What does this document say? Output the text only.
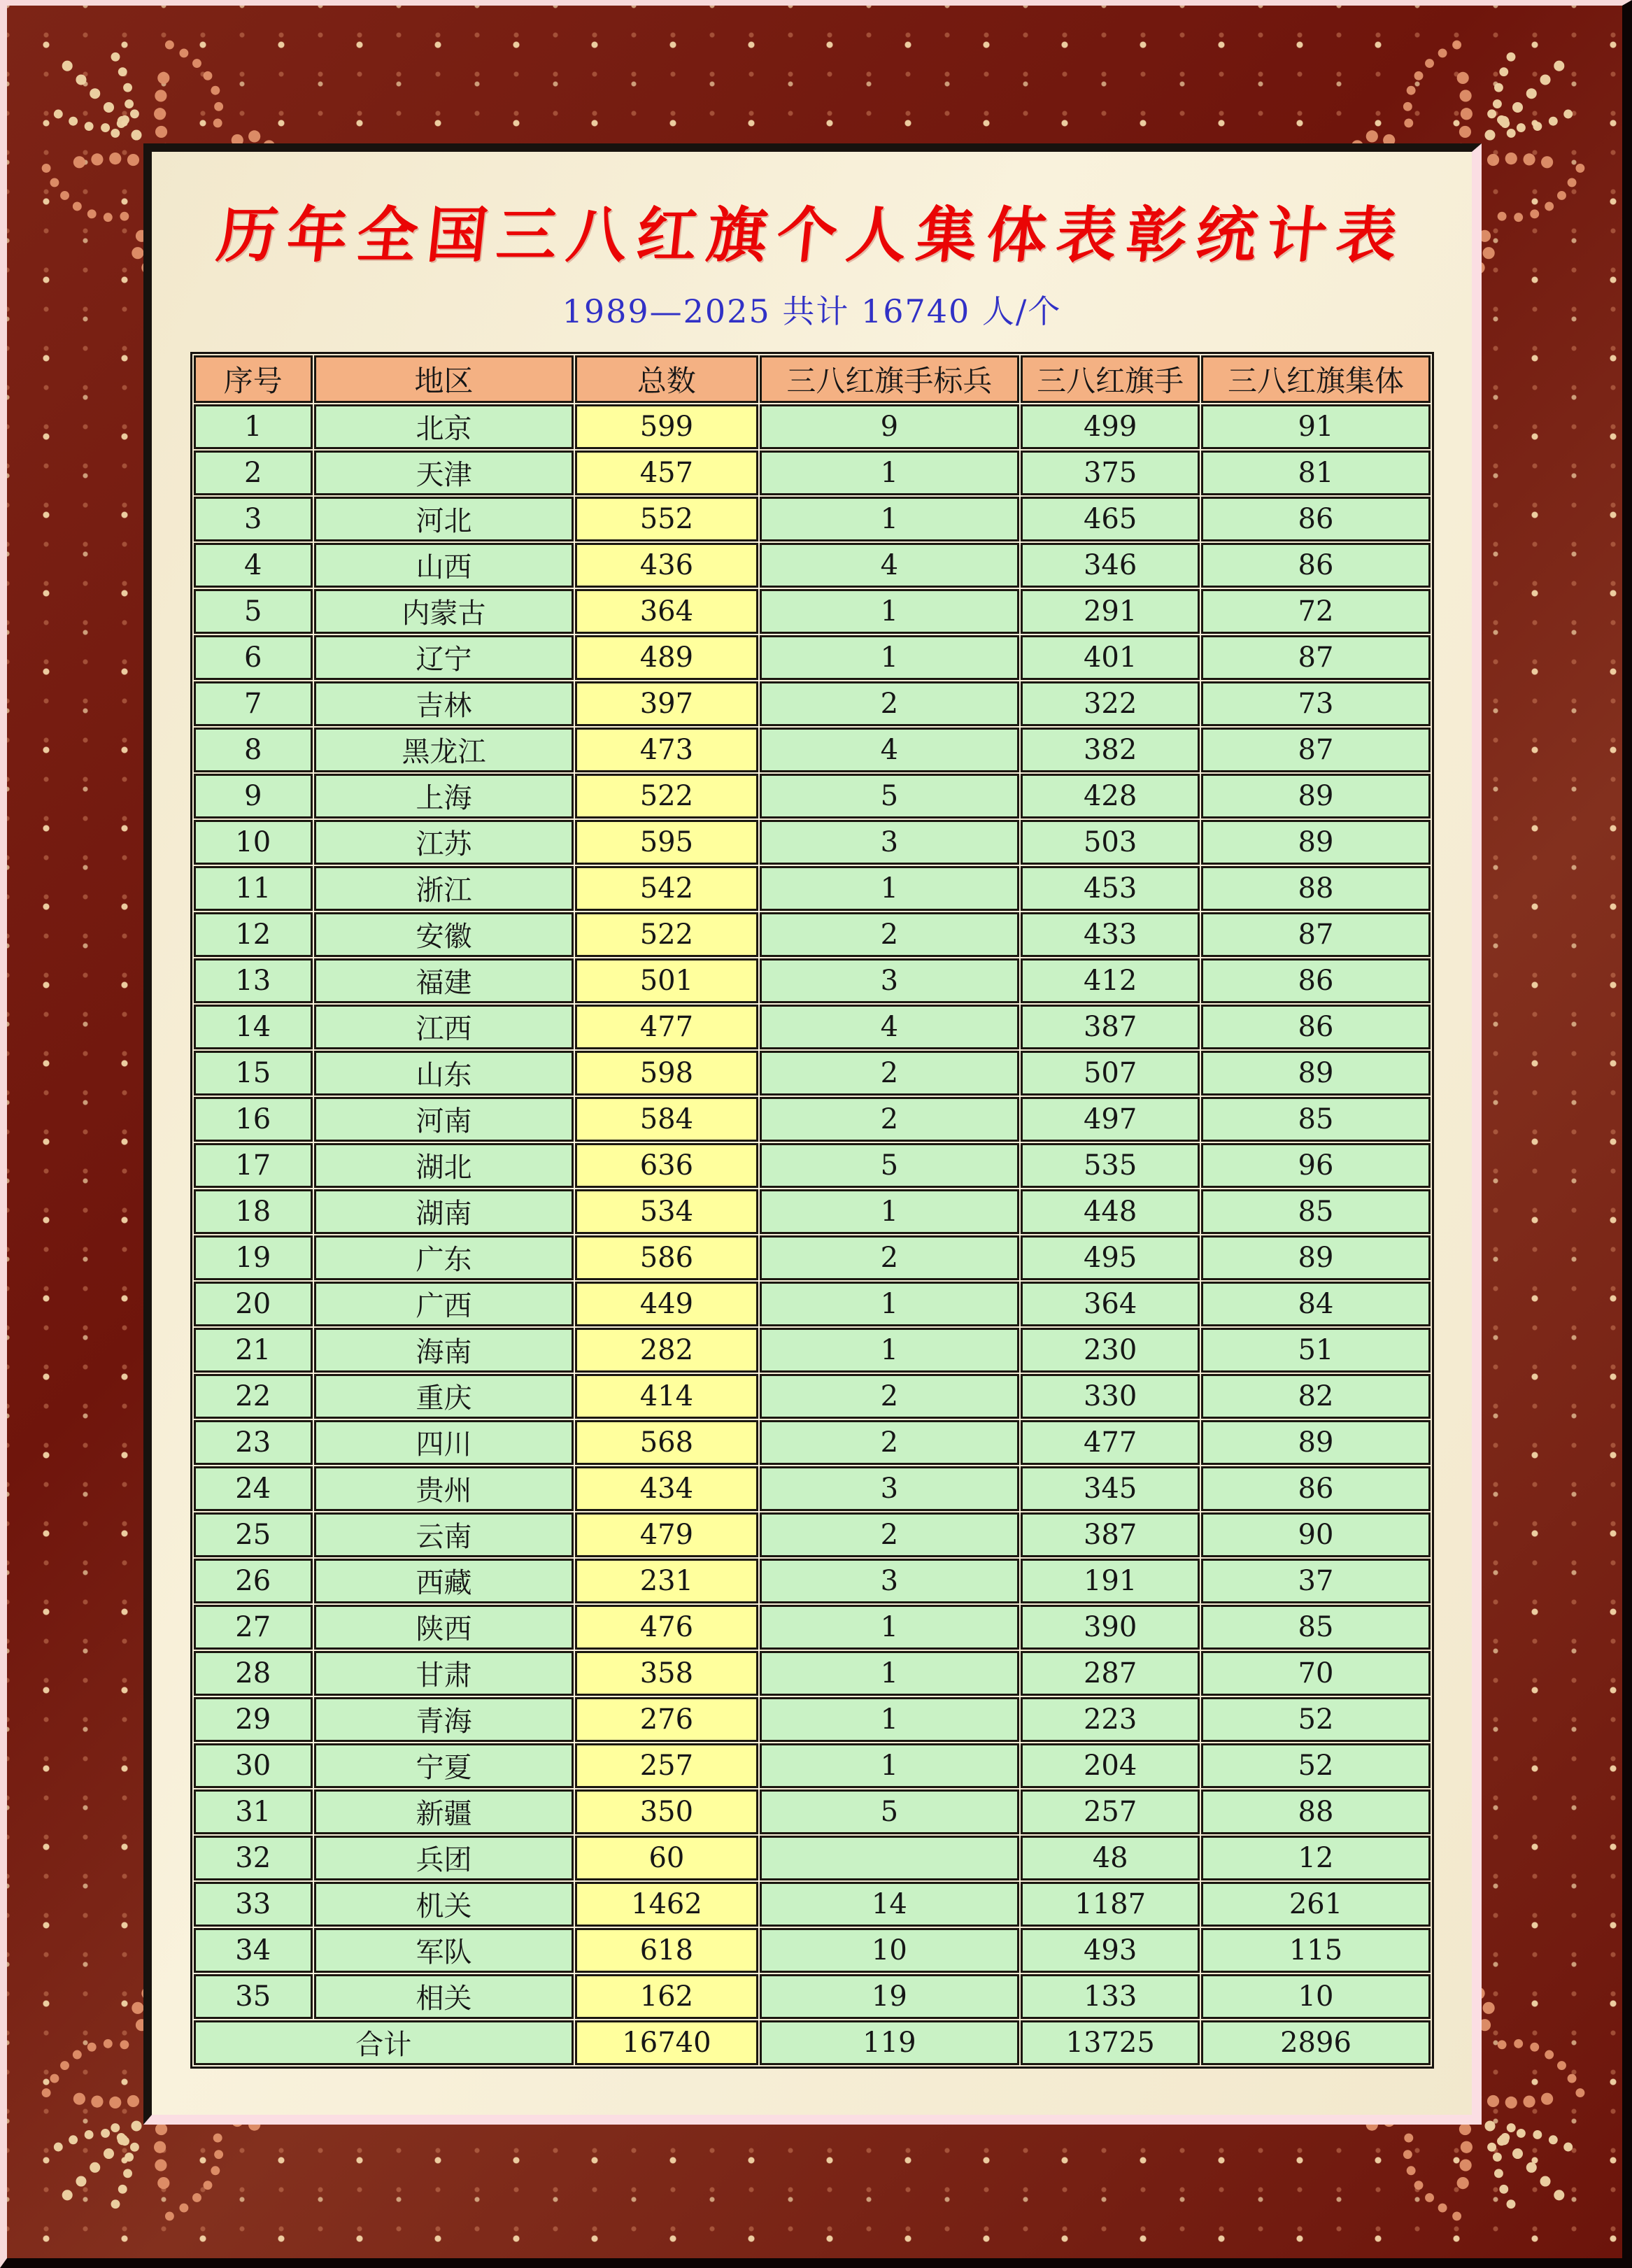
历年全国三八红旗个人集体表彰统计表
1989—2025 共计 16740 人/个
序号	地区	总数	三八红旗手标兵	三八红旗手	三八红旗集体
1	北京	599	9	499	91
2	天津	457	1	375	81
3	河北	552	1	465	86
4	山西	436	4	346	86
5	内蒙古	364	1	291	72
6	辽宁	489	1	401	87
7	吉林	397	2	322	73
8	黑龙江	473	4	382	87
9	上海	522	5	428	89
10	江苏	595	3	503	89
11	浙江	542	1	453	88
12	安徽	522	2	433	87
13	福建	501	3	412	86
14	江西	477	4	387	86
15	山东	598	2	507	89
16	河南	584	2	497	85
17	湖北	636	5	535	96
18	湖南	534	1	448	85
19	广东	586	2	495	89
20	广西	449	1	364	84
21	海南	282	1	230	51
22	重庆	414	2	330	82
23	四川	568	2	477	89
24	贵州	434	3	345	86
25	云南	479	2	387	90
26	西藏	231	3	191	37
27	陕西	476	1	390	85
28	甘肃	358	1	287	70
29	青海	276	1	223	52
30	宁夏	257	1	204	52
31	新疆	350	5	257	88
32	兵团	60		48	12
33	机关	1462	14	1187	261
34	军队	618	10	493	115
35	相关	162	19	133	10
合计		16740	119	13725	2896
